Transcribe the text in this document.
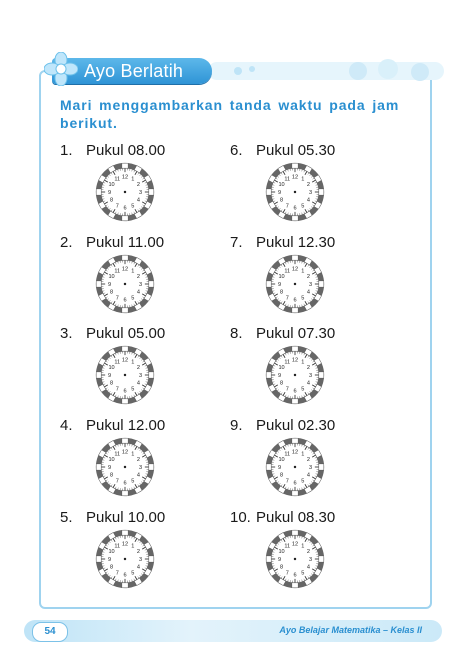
Ayo Berlatih
Mari menggambarkan tanda waktu pada jam berikut.
1. Pukul 08.00
2. Pukul 11.00
3. Pukul 05.00
4. Pukul 12.00
5. Pukul 10.00
6. Pukul 05.30
7. Pukul 12.30
8. Pukul 07.30
9. Pukul 02.30
10. Pukul 08.30
12 1
2
3
4
5
6
7
8
9
10
11
12 1
2
3
4
5
6
7
8
9
10
11
12 1
2
3
4
5
6
7
8
9
10
11
12 1
2
3
4
5
6
7
8
9
10
11
12 1
2
3
4
5
6
7
8
9
10
11
12 1
2
3
4
5
6
7
8
9
10
11
12 1
2
3
4
5
6
7
8
9
10
11
12 1
2
3
4
5
6
7
8
9
10
11
12 1
2
3
4
5
6
7
8
9
10
11
12 1
2
3
4
5
6
7
8
9
10
11
54	Ayo Belajar Matematika – Kelas II
